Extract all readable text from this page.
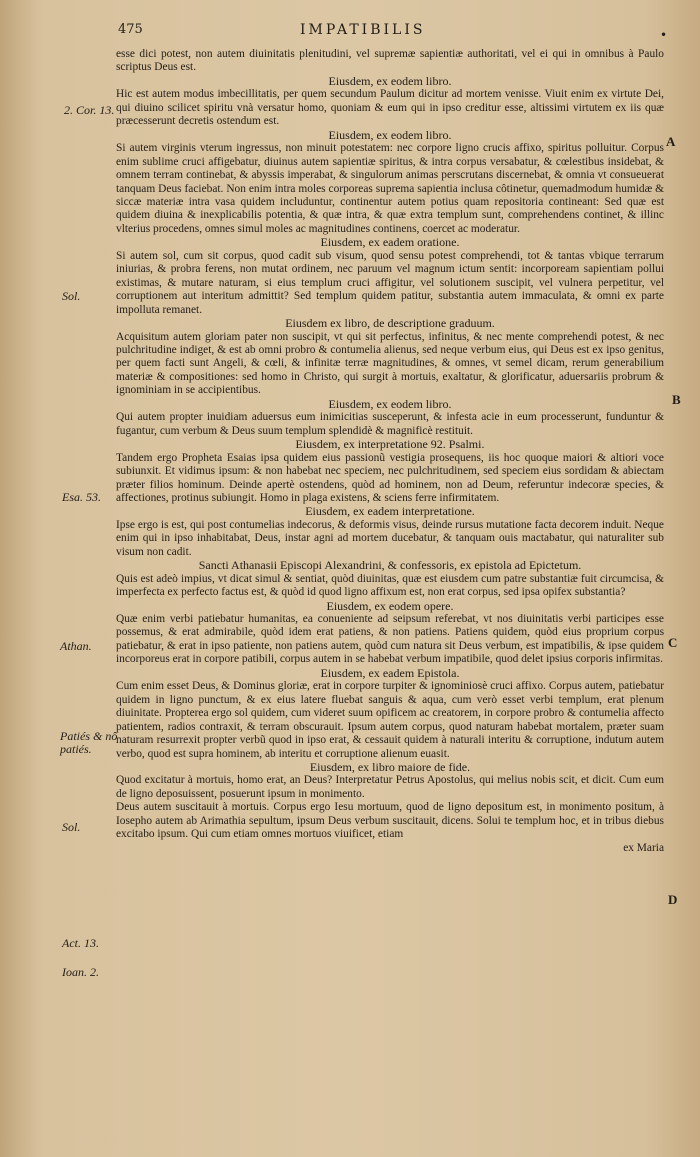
475	IMPATIBILIS	•

esse dici potest, non autem diuinitatis plenitudini, vel supremæ sapientiæ authoritati, vel ei qui in omnibus à Paulo scriptus Deus est.

Eiusdem, ex eodem libro.

Hic est autem modus imbecillitatis, per quem secundum Paulum dicitur ad mortem venisse. Viuit enim ex virtute Dei, qui diuino scilicet spiritu vnà versatur homo, quoniam & eum qui in ipso creditur esse, altissimi virtutem ex iis quæ præcesserunt decretis ostendum est.

Eiusdem, ex eodem libro.

Si autem virginis vterum ingressus, non minuit potestatem: nec corpore ligno crucis affixo, spiritus polluitur. Corpus enim sublime cruci affigebatur, diuinus autem sapientiæ spiritus, & intra corpus versabatur, & cœlestibus insidebat, & omnem terram continebat, & abyssis imperabat, & singulorum animas perscrutans discernebat, & omnia vt consueuerat tanquam Deus faciebat. Non enim intra moles corporeas suprema sapientia inclusa côtinetur, quemadmodum humidæ & siccæ materiæ intra vasa quidem includuntur, continentur autem potius quam repositoria contineant: Sed quæ est quidem diuina & inexplicabilis potentia, & quæ intra, & quæ extra templum sunt, comprehendens continet, & illinc vlterius procedens, omnes simul moles ac magnitudines continens, coercet ac moderatur.

Eiusdem, ex eadem oratione.

Si autem sol, cum sit corpus, quod cadit sub visum, quod sensu potest comprehendi, tot & tantas vbique terrarum iniurias, & probra ferens, non mutat ordinem, nec paruum vel magnum ictum sentit: incorpoream sapientiam pollui existimas, & mutare naturam, si eius templum cruci affigitur, vel solutionem suscipit, vel vulnera perpetitur, vel corruptionem aut interitum admittit? Sed templum quidem patitur, substantia autem immaculata, & omni ex parte impolluta remanet.

Eiusdem ex libro, de descriptione graduum.

Acquisitum autem gloriam pater non suscipit, vt qui sit perfectus, infinitus, & nec mente comprehendi potest, & nec pulchritudine indiget, & est ab omni probro & contumelia alienus, sed neque verbum eius, qui Deus est ex ipso genitus, per quem facti sunt Angeli, & cœli, & infinitæ terræ magnitudines, & omnes, vt semel dicam, rerum generabilium materiæ & compositiones: sed homo in Christo, qui surgit à mortuis, exaltatur, & glorificatur, aduersariis probrum & ignominiam in se accipientibus.

Eiusdem, ex eodem libro.

Qui autem propter inuidiam aduersus eum inimicitias susceperunt, & infesta acie in eum processerunt, funduntur & fugantur, cum verbum & Deus suum templum splendidè & magnificè restituit.

Eiusdem, ex interpretatione 92. Psalmi.

Tandem ergo Propheta Esaias ipsa quidem eius passionũ vestigia prosequens, iis hoc quoque maiori & altiori voce subiunxit. Et vidimus ipsum: & non habebat nec speciem, nec pulchritudinem, sed speciem eius sordidam & abiectam præter filios hominum. Deinde apertè ostendens, quòd ad hominem, non ad Deum, referuntur indecoræ species, & affectiones, protinus subiungit. Homo in plaga existens, & sciens ferre infirmitatem.

Eiusdem, ex eadem interpretatione.

Ipse ergo is est, qui post contumelias indecorus, & deformis visus, deinde rursus mutatione facta decorem induit. Neque enim qui in ipso inhabitabat, Deus, instar agni ad mortem ducebatur, & tanquam ouis mactabatur, qui naturaliter sub visum non cadit.

Sancti Athanasii Episcopi Alexandrini, & confessoris, ex epistola ad Epictetum.

Quis est adeò impius, vt dicat simul & sentiat, quòd diuinitas, quæ est eiusdem cum patre substantiæ fuit circumcisa, & imperfecta ex perfecto factus est, & quòd id quod ligno affixum est, non erat corpus, sed ipsa opifex substantia?

Eiusdem, ex eodem opere.

Quæ enim verbi patiebatur humanitas, ea conueniente ad seipsum referebat, vt nos diuinitatis verbi participes esse possemus, & erat admirabile, quòd idem erat patiens, & non patiens. Patiens quidem, quòd eius proprium corpus patiebatur, & erat in ipso patiente, non patiens autem, quòd cum natura sit Deus verbum, est impatibilis, & ipse quidem incorporeus erat in corpore patibili, corpus autem in se habebat verbum impatibile, quod delet ipsius corporis infirmitas.

Eiusdem, ex eadem Epistola.

Cum enim esset Deus, & Dominus gloriæ, erat in corpore turpiter & ignominiosè cruci affixo. Corpus autem, patiebatur quidem in ligno punctum, & ex eius latere fluebat sanguis & aqua, cum verò esset verbi templum, erat plenum diuinitate. Propterea ergo sol quidem, cum videret suum opificem ac creatorem, in corpore probro & contumelia affecto patientem, radios contraxit, & terram obscurauit. Ipsum autem corpus, quod naturam habebat mortalem, præter suam naturam resurrexit propter verbũ quod in ipso erat, & cessauit quidem à naturali interitu & corruptione, indutum autem verbo, quod est supra hominem, ab interitu et corruptione alienum euasit.

Eiusdem, ex libro maiore de fide.

Quod excitatur à mortuis, homo erat, an Deus? Interpretatur Petrus Apostolus, qui melius nobis scit, et dicit. Cum eum de ligno deposuissent, posuerunt ipsum in monimento.

Deus autem suscitauit à mortuis. Corpus ergo Iesu mortuum, quod de ligno depositum est, in monimento positum, à Iosepho autem ab Arimathia sepultum, ipsum Deus verbum suscitauit, dicens. Solui te templum hoc, et in tribus diebus excitabo ipsum. Qui cum etiam omnes mortuos viuificet, etiam

ex Maria

2. Cor. 13.
Sol.
Esa. 53.
Athan.
Patiés & nô patiés.
Sol.
Act. 13.
Ioan. 2.
A
B
C
D
